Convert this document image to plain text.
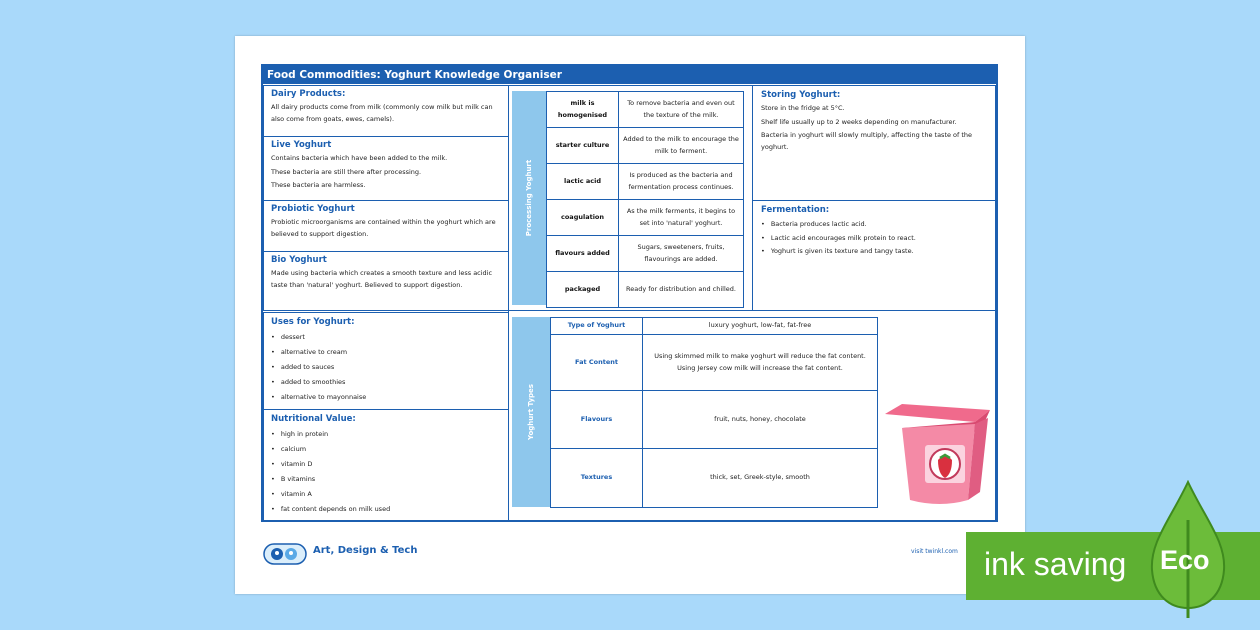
Food Commodities: Yoghurt Knowledge Organiser
Dairy Products:
All dairy products come from milk (commonly cow milk but milk can also come from goats, ewes, camels).
Live Yoghurt
Contains bacteria which have been added to the milk.
These bacteria are still there after processing.
These bacteria are harmless.
Probiotic Yoghurt
Probiotic microorganisms are contained within the yoghurt which are believed to support digestion.
Bio Yoghurt
Made using bacteria which creates a smooth texture and less acidic taste than 'natural' yoghurt. Believed to support digestion.
Uses for Yoghurt:
• dessert
• alternative to cream
• added to sauces
• added to smoothies
• alternative to mayonnaise
Nutritional Value:
• high in protein
• calcium
• vitamin D
• B vitamins
• vitamin A
• fat content depends on milk used
Processing Yoghurt
milk is homogenised	To remove bacteria and even out the texture of the milk.
starter culture	Added to the milk to encourage the milk to ferment.
lactic acid	Is produced as the bacteria and fermentation process continues.
coagulation	As the milk ferments, it begins to set into 'natural' yoghurt.
flavours added	Sugars, sweeteners, fruits, flavourings are added.
packaged	Ready for distribution and chilled.
Storing Yoghurt:
Store in the fridge at 5°C.
Shelf life usually up to 2 weeks depending on manufacturer.
Bacteria in yoghurt will slowly multiply, affecting the taste of the yoghurt.
Fermentation:
• Bacteria produces lactic acid.
• Lactic acid encourages milk protein to react.
• Yoghurt is given its texture and tangy taste.
Yoghurt Types
Type of Yoghurt	luxury yoghurt, low-fat, fat-free
Fat Content	Using skimmed milk to make yoghurt will reduce the fat content. Using Jersey cow milk will increase the fat content.
Flavours	fruit, nuts, honey, chocolate
Textures	thick, set, Greek-style, smooth
Art, Design & Tech	visit twinkl.com ink saving Eco
